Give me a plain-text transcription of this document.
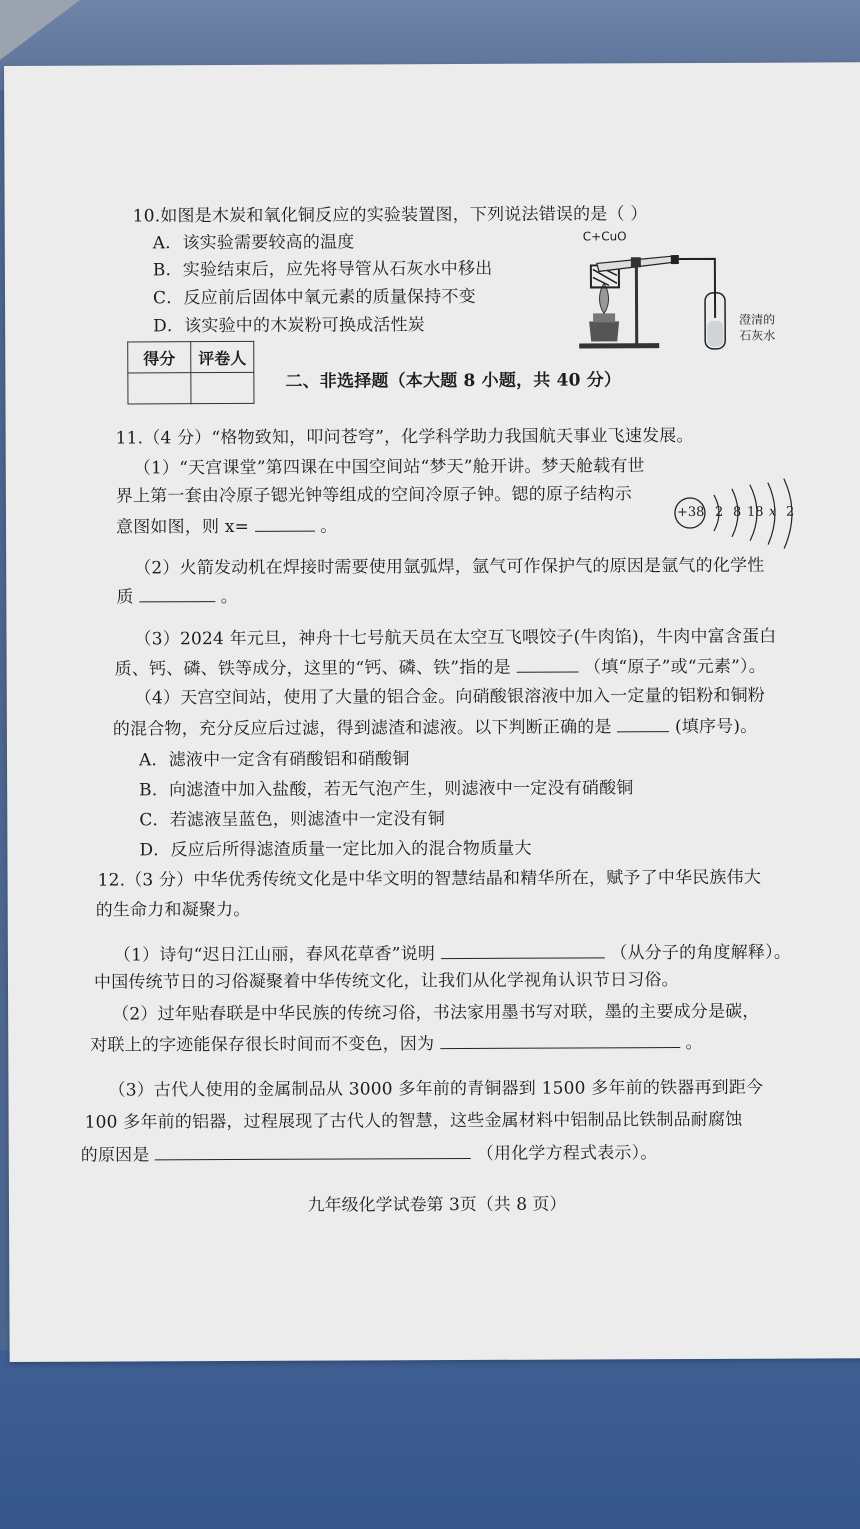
10.如图是木炭和氧化铜反应的实验装置图，下列说法错误的是（ ）
A．该实验需要较高的温度
B．实验结束后，应先将导管从石灰水中移出
C．反应前后固体中氧元素的质量保持不变
D．该实验中的木炭粉可换成活性炭
C+CuO
澄清的
石灰水
得分	评卷人

二、非选择题（本大题 8 小题，共 40 分）
11.（4 分）“格物致知，叩问苍穹”，化学科学助力我国航天事业飞速发展。
（1）“天宫课堂”第四课在中国空间站“梦天”舱开讲。梦天舱载有世
界上第一套由冷原子锶光钟等组成的空间冷原子钟。锶的原子结构示
意图如图，则 x=	。
+38 2 8 18 x 2
（2）火箭发动机在焊接时需要使用氩弧焊，氩气可作保护气的原因是氩气的化学性
质	。
（3）2024 年元旦，神舟十七号航天员在太空互飞喂饺子(牛肉馅)，牛肉中富含蛋白
质、钙、磷、铁等成分，这里的“钙、磷、铁”指的是	（填“原子”或“元素”）。
（4）天宫空间站，使用了大量的铝合金。向硝酸银溶液中加入一定量的铝粉和铜粉
的混合物，充分反应后过滤，得到滤渣和滤液。以下判断正确的是	(填序号)。
A．滤液中一定含有硝酸铝和硝酸铜
B．向滤渣中加入盐酸，若无气泡产生，则滤液中一定没有硝酸铜
C．若滤液呈蓝色，则滤渣中一定没有铜
D．反应后所得滤渣质量一定比加入的混合物质量大
12.（3 分）中华优秀传统文化是中华文明的智慧结晶和精华所在，赋予了中华民族伟大
的生命力和凝聚力。
（1）诗句“迟日江山丽，春风花草香”说明	（从分子的角度解释）。
中国传统节日的习俗凝聚着中华传统文化，让我们从化学视角认识节日习俗。
（2）过年贴春联是中华民族的传统习俗，书法家用墨书写对联，墨的主要成分是碳，
对联上的字迹能保存很长时间而不变色，因为	。
（3）古代人使用的金属制品从 3000 多年前的青铜器到 1500 多年前的铁器再到距今
100 多年前的铝器，过程展现了古代人的智慧，这些金属材料中铝制品比铁制品耐腐蚀
的原因是	（用化学方程式表示）。
九年级化学试卷第 3页（共 8 页）
